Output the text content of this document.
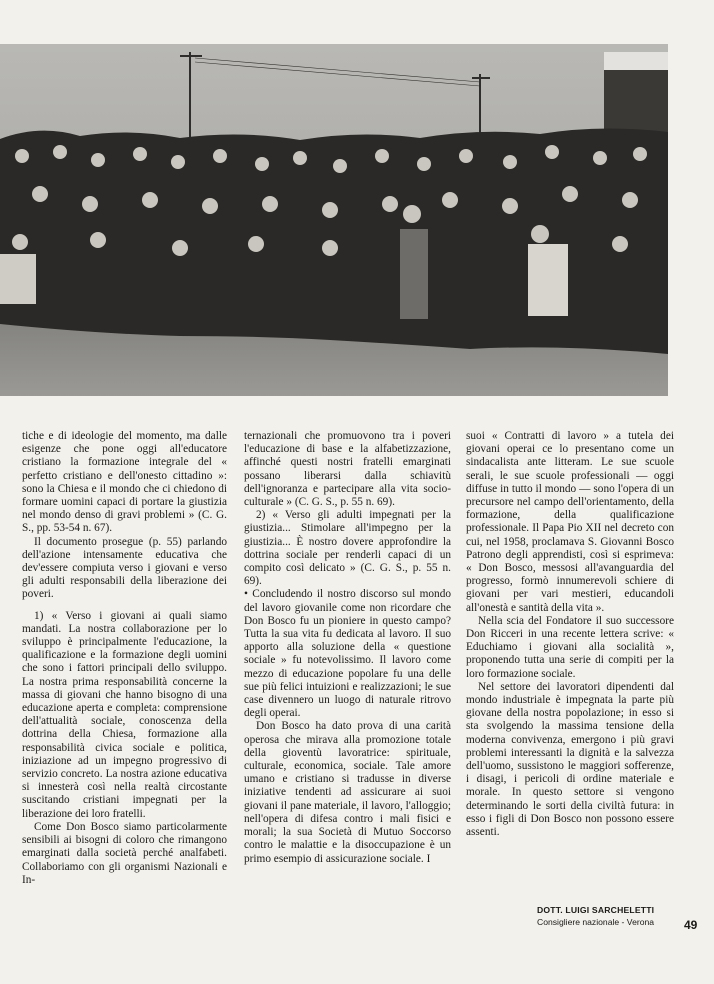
tiche e di ideologie del momento, ma dalle esigenze che pone oggi all'educatore cristiano la formazione integrale del « perfetto cristiano e dell'onesto cittadino »: sono la Chiesa e il mondo che ci chiedono di formare uomini capaci di portare la giustizia nel mondo denso di gravi problemi » (C. G. S., pp. 53-54 n. 67).

Il documento prosegue (p. 55) parlando dell'azione intensamente educativa che dev'essere compiuta verso i giovani e verso gli adulti responsabili della liberazione dei poveri.

1) « Verso i giovani ai quali siamo mandati. La nostra collaborazione per lo sviluppo è principalmente l'educazione, la qualificazione e la formazione degli uomini che sono i fattori principali dello sviluppo. La nostra prima responsabilità concerne la massa di giovani che hanno bisogno di una educazione aperta e completa: comprensione dell'attualità sociale, conoscenza della dottrina della Chiesa, formazione alla responsabilità civica sociale e politica, iniziazione ad un impegno progressivo di servizio concreto. La nostra azione educativa si innesterà così nella realtà circostante suscitando cristiani impegnati per la liberazione dei loro fratelli.

Come Don Bosco siamo particolarmente sensibili ai bisogni di coloro che rimangono emarginati dalla società perché analfabeti. Collaboriamo con gli organismi Nazionali e In-

ternazionali che promuovono tra i poveri l'educazione di base e la alfabetizzazione, affinché questi nostri fratelli emarginati possano liberarsi dalla schiavitù dell'ignoranza e partecipare alla vita socio-culturale » (C. G. S., p. 55 n. 69).

2) « Verso gli adulti impegnati per la giustizia... Stimolare all'impegno per la giustizia... È nostro dovere approfondire la dottrina sociale per renderli capaci di un compito così delicato » (C. G. S., p. 55 n. 69).

• Concludendo il nostro discorso sul mondo del lavoro giovanile come non ricordare che Don Bosco fu un pioniere in questo campo? Tutta la sua vita fu dedicata al lavoro. Il suo apporto alla soluzione della « questione sociale » fu notevolissimo. Il lavoro come mezzo di educazione popolare fu una delle sue più felici intuizioni e realizzazioni; le sue case divennero un luogo di naturale ritrovo degli operai.

Don Bosco ha dato prova di una carità operosa che mirava alla promozione totale della gioventù lavoratrice: spirituale, culturale, economica, sociale. Tale amore umano e cristiano si tradusse in diverse iniziative tendenti ad assicurare ai suoi giovani il pane materiale, il lavoro, l'alloggio; nell'opera di difesa contro i mali fisici e morali; la sua Società di Mutuo Soccorso contro le malattie e la disoccupazione è un primo esempio di assicurazione sociale. I

suoi « Contratti di lavoro » a tutela dei giovani operai ce lo presentano come un sindacalista ante litteram. Le sue scuole serali, le sue scuole professionali — oggi diffuse in tutto il mondo — sono l'opera di un precursore nel campo dell'orientamento, della formazione, della qualificazione professionale. Il Papa Pio XII nel decreto con cui, nel 1958, proclamava S. Giovanni Bosco Patrono degli apprendisti, così si esprimeva: « Don Bosco, messosi all'avanguardia del progresso, formò innumerevoli schiere di giovani per vari mestieri, educandoli all'onestà e santità della vita ».

Nella scia del Fondatore il suo successore Don Ricceri in una recente lettera scrive: « Educhiamo i giovani alla socialità », proponendo tutta una serie di compiti per la loro formazione sociale.

Nel settore dei lavoratori dipendenti dal mondo industriale è impegnata la parte più giovane della nostra popolazione; in esso si sta svolgendo la massima tensione della moderna convivenza, emergono i più gravi problemi interessanti la dignità e la salvezza dell'uomo, sussistono le maggiori sofferenze, i disagi, i pericoli di ordine materiale e morale. In questo settore si vengono determinando le sorti della civiltà futura: in esso i figli di Don Bosco non possono essere assenti.

DOTT. LUIGI SARCHELETTI
Consigliere nazionale - Verona	49
